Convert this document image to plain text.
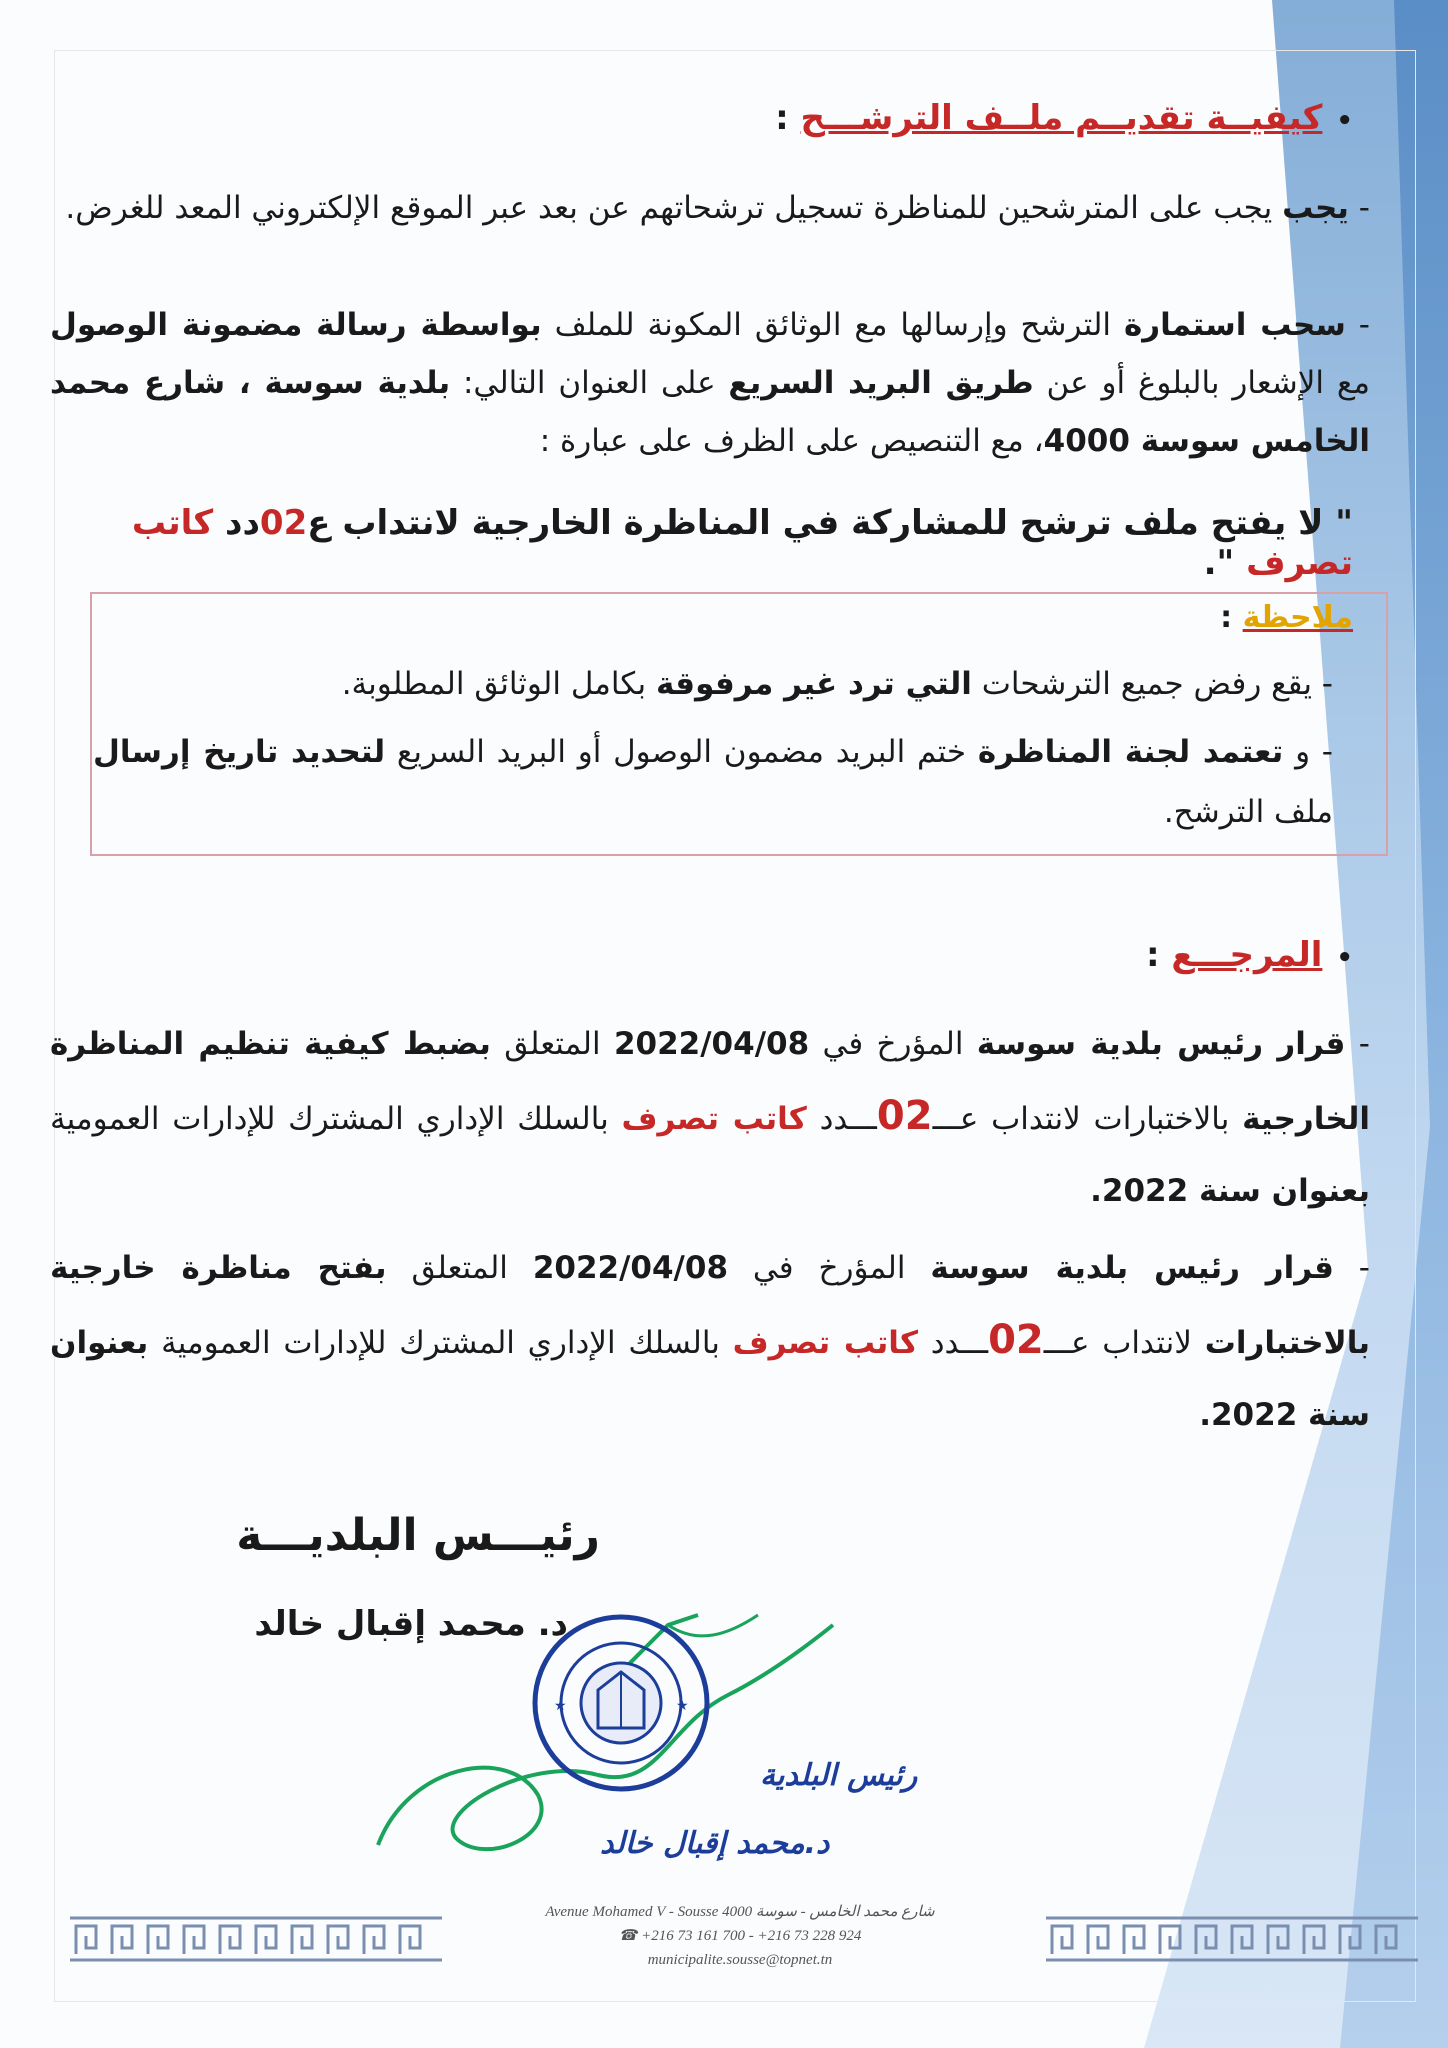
•كيفيــة تقديــم ملــف الترشـــح :
- يجب يجب على المترشحين للمناظرة تسجيل ترشحاتهم عن بعد عبر الموقع الإلكتروني المعد للغرض.
- سحب استمارة الترشح وإرسالها مع الوثائق المكونة للملف بواسطة رسالة مضمونة الوصول مع الإشعار بالبلوغ أو عن طريق البريد السريع على العنوان التالي: بلدية سوسة ، شارع محمد الخامس سوسة 4000، مع التنصيص على الظرف على عبارة :
" لا يفتح ملف ترشح للمشاركة في المناظرة الخارجية لانتداب ع02دد كاتب تصرف ".
ملاحظة :
- يقع رفض جميع الترشحات التي ترد غير مرفوقة بكامل الوثائق المطلوبة.
- و تعتمد لجنة المناظرة ختم البريد مضمون الوصول أو البريد السريع لتحديد تاريخ إرسال ملف الترشح.
•المرجـــع :
- قرار رئيس بلدية سوسة المؤرخ في 2022/04/08 المتعلق بضبط كيفية تنظيم المناظرة الخارجية بالاختبارات لانتداب عـــ02ـــدد كاتب تصرف بالسلك الإداري المشترك للإدارات العمومية بعنوان سنة 2022.
- قرار رئيس بلدية سوسة المؤرخ في 2022/04/08 المتعلق بفتح مناظرة خارجية بالاختبارات لانتداب عـــ02ـــدد كاتب تصرف بالسلك الإداري المشترك للإدارات العمومية بعنوان سنة 2022.
رئيـــس البلديـــة
د. محمد إقبال خالد
★	★
رئيس البلدية
د.محمد إقبال خالد
Avenue Mohamed V - Sousse 4000 شارع محمد الخامس - سوسة
☎ +216 73 161 700 - +216 73 228 924
municipalite.sousse@topnet.tn
